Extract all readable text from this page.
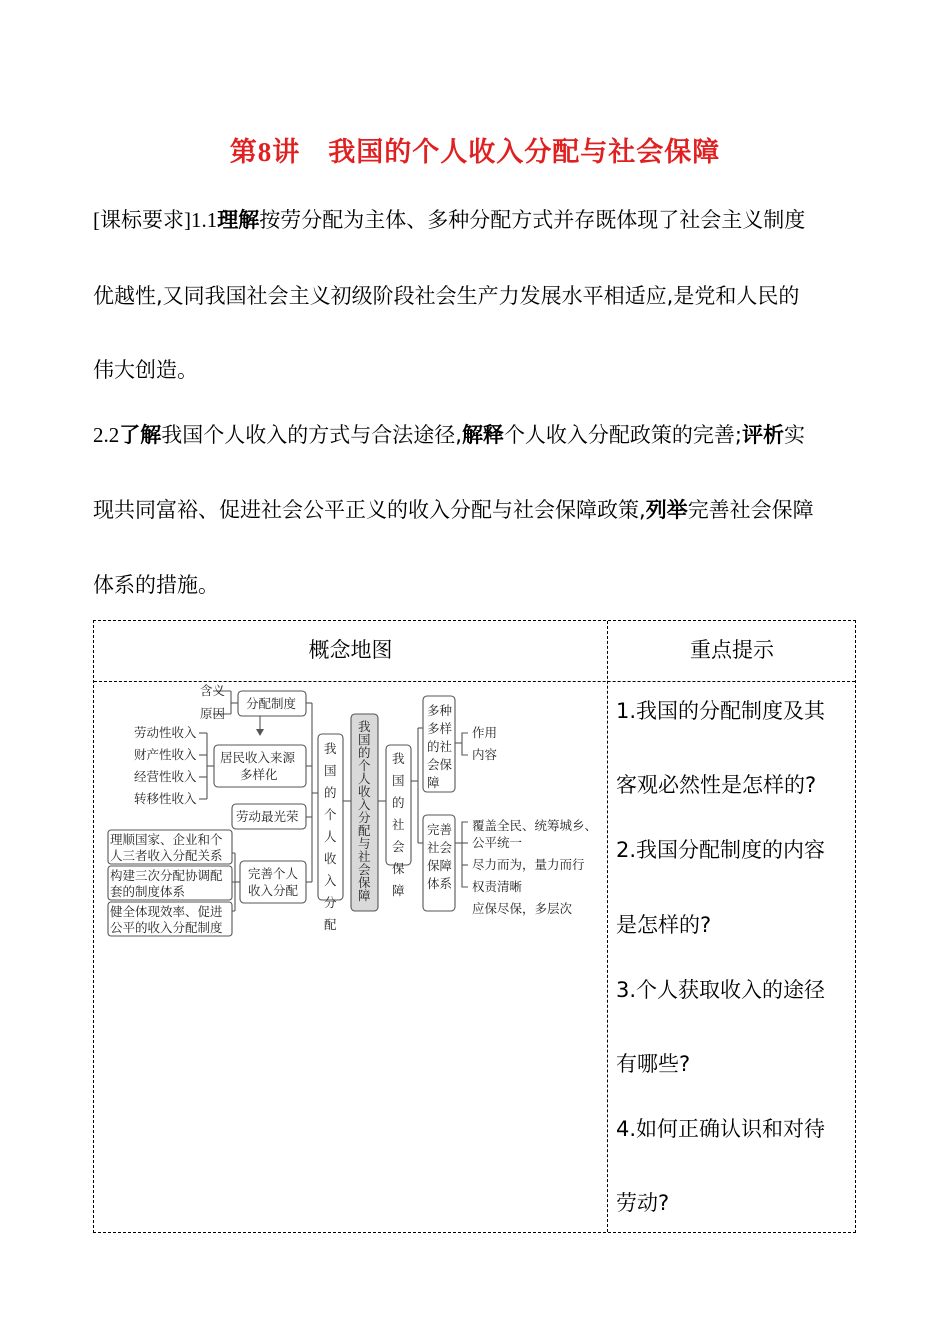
第8讲　我国的个人收入分配与社会保障
[课标要求]1.1理解按劳分配为主体、多种分配方式并存既体现了社会主义制度
优越性,又同我国社会主义初级阶段社会生产力发展水平相适应,是党和人民的
伟大创造。
2.2了解我国个人收入的方式与合法途径,解释个人收入分配政策的完善;评析实
现共同富裕、促进社会公平正义的收入分配与社会保障政策,列举完善社会保障
体系的措施。
概念地图	重点提示
含义
原因
劳动性收入
财产性收入
经营性收入
转移性收入
理顺国家、企业和个
人三者收入分配关系
构建三次分配协调配
套的制度体系
健全体现效率、促进
公平的收入分配制度
分配制度
居民收入来源
多样化
劳动最光荣
完善个人
收入分配
我
国
的
个
人
收
入
分
配
我
国
的
个
人
收
入
分
配
与
社
会
保
障
我
国
的
社
会
保
障
多种
多样
的社
会保
障
完善
社会
保障
体系
作用
内容
覆盖全民、统筹城乡、
公平统一
尽力而为，量力而行
权责清晰
应保尽保，多层次
1.我国的分配制度及其
客观必然性是怎样的?
2.我国分配制度的内容
是怎样的?
3.个人获取收入的途径
有哪些?
4.如何正确认识和对待
劳动?
